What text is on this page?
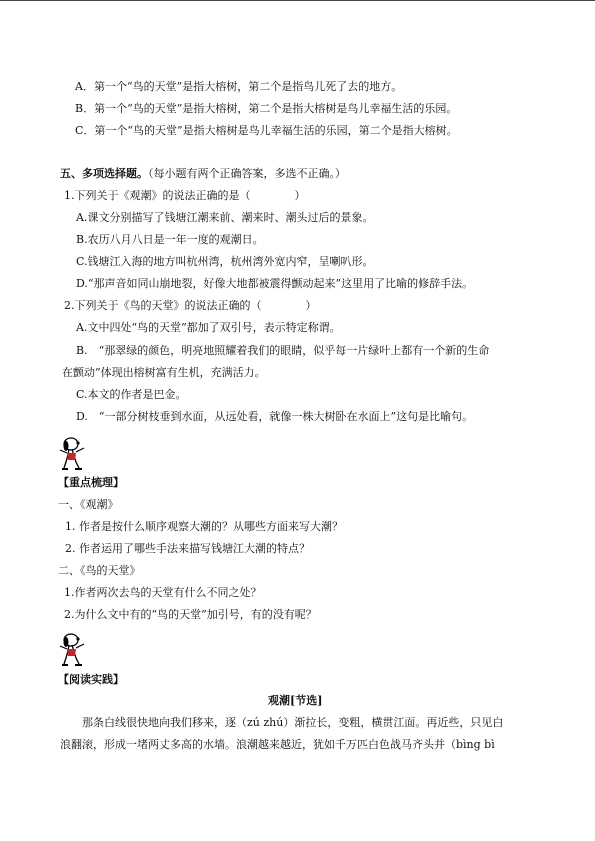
A．第一个“鸟的天堂”是指大榕树，第二个是指鸟儿死了去的地方。
B．第一个“鸟的天堂”是指大榕树，第二个是指大榕树是鸟儿幸福生活的乐园。
C．第一个“鸟的天堂”是指大榕树是鸟儿幸福生活的乐园，第二个是指大榕树。
五、多项选择题。（每小题有两个正确答案，多选不正确。）
1.下列关于《观潮》的说法正确的是（　　　　）
A.课文分别描写了钱塘江潮来前、潮来时、潮头过后的景象。
B.农历八月八日是一年一度的观潮日。
C.钱塘江入海的地方叫杭州湾，杭州湾外宽内窄，呈喇叭形。
D.“那声音如同山崩地裂，好像大地都被震得颤动起来”这里用了比喻的修辞手法。
2.下列关于《鸟的天堂》的说法正确的（　　　　）
A.文中四处“鸟的天堂”都加了双引号，表示特定称谓。
B.　“那翠绿的颜色，明亮地照耀着我们的眼睛，似乎每一片绿叶上都有一个新的生命
在颤动”体现出榕树富有生机，充满活力。
C.本文的作者是巴金。
D.　“一部分树枝垂到水面，从远处看，就像一株大树卧在水面上”这句是比喻句。
【重点梳理】
一、《观潮》
1. 作者是按什么顺序观察大潮的？从哪些方面来写大潮？
2. 作者运用了哪些手法来描写钱塘江大潮的特点？
二、《鸟的天堂》
1.作者两次去鸟的天堂有什么不同之处？
2.为什么文中有的“鸟的天堂”加引号，有的没有呢？
【阅读实践】
观潮[节选]
那条白线很快地向我们移来，逐（zú zhú）渐拉长，变粗，横贯江面。再近些，只见白
浪翻滚，形成一堵两丈多高的水墙。浪潮越来越近，犹如千万匹白色战马齐头并（bìng bì
